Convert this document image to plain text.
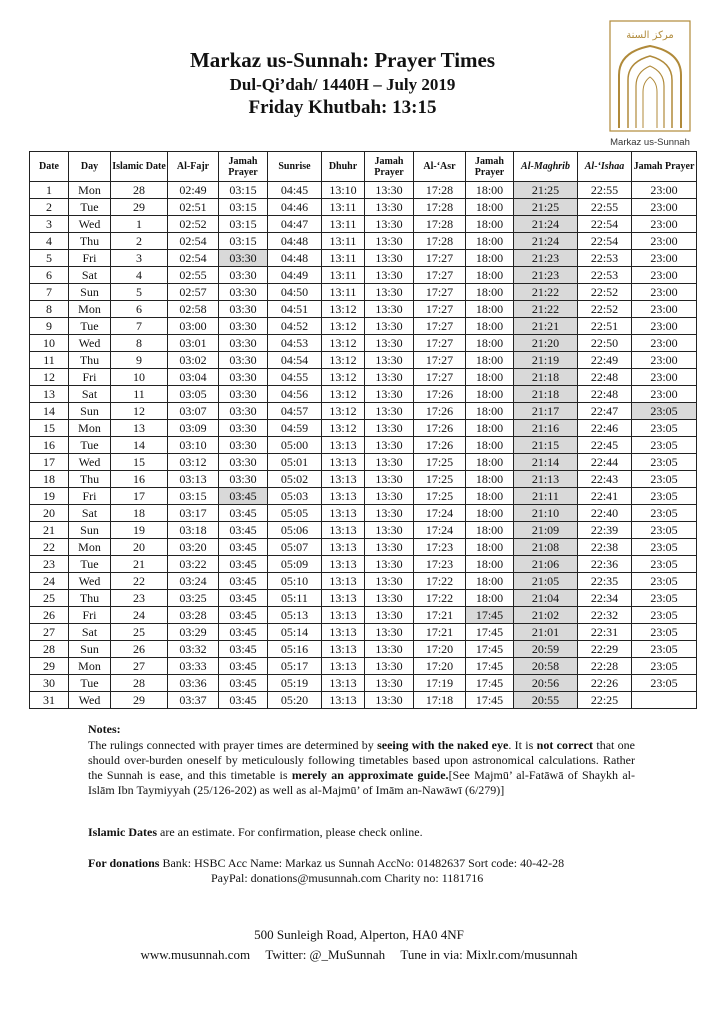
Markaz us-Sunnah: Prayer Times
Dul-Qi’dah/ 1440H – July 2019
Friday Khutbah: 13:15
مركز السنة
Markaz us-Sunnah
Date	Day	Islamic Date	Al-Fajr	Jamah Prayer	Sunrise	Dhuhr	Jamah Prayer	Al-‘Asr	Jamah Prayer	Al-Maghrib	Al-‘Ishaa	Jamah Prayer
1	Mon	28	02:49	03:15	04:45	13:10	13:30	17:28	18:00	21:25	22:55	23:00
2	Tue	29	02:51	03:15	04:46	13:11	13:30	17:28	18:00	21:25	22:55	23:00
3	Wed	1	02:52	03:15	04:47	13:11	13:30	17:28	18:00	21:24	22:54	23:00
4	Thu	2	02:54	03:15	04:48	13:11	13:30	17:28	18:00	21:24	22:54	23:00
5	Fri	3	02:54	03:30	04:48	13:11	13:30	17:27	18:00	21:23	22:53	23:00
6	Sat	4	02:55	03:30	04:49	13:11	13:30	17:27	18:00	21:23	22:53	23:00
7	Sun	5	02:57	03:30	04:50	13:11	13:30	17:27	18:00	21:22	22:52	23:00
8	Mon	6	02:58	03:30	04:51	13:12	13:30	17:27	18:00	21:22	22:52	23:00
9	Tue	7	03:00	03:30	04:52	13:12	13:30	17:27	18:00	21:21	22:51	23:00
10	Wed	8	03:01	03:30	04:53	13:12	13:30	17:27	18:00	21:20	22:50	23:00
11	Thu	9	03:02	03:30	04:54	13:12	13:30	17:27	18:00	21:19	22:49	23:00
12	Fri	10	03:04	03:30	04:55	13:12	13:30	17:27	18:00	21:18	22:48	23:00
13	Sat	11	03:05	03:30	04:56	13:12	13:30	17:26	18:00	21:18	22:48	23:00
14	Sun	12	03:07	03:30	04:57	13:12	13:30	17:26	18:00	21:17	22:47	23:05
15	Mon	13	03:09	03:30	04:59	13:12	13:30	17:26	18:00	21:16	22:46	23:05
16	Tue	14	03:10	03:30	05:00	13:13	13:30	17:26	18:00	21:15	22:45	23:05
17	Wed	15	03:12	03:30	05:01	13:13	13:30	17:25	18:00	21:14	22:44	23:05
18	Thu	16	03:13	03:30	05:02	13:13	13:30	17:25	18:00	21:13	22:43	23:05
19	Fri	17	03:15	03:45	05:03	13:13	13:30	17:25	18:00	21:11	22:41	23:05
20	Sat	18	03:17	03:45	05:05	13:13	13:30	17:24	18:00	21:10	22:40	23:05
21	Sun	19	03:18	03:45	05:06	13:13	13:30	17:24	18:00	21:09	22:39	23:05
22	Mon	20	03:20	03:45	05:07	13:13	13:30	17:23	18:00	21:08	22:38	23:05
23	Tue	21	03:22	03:45	05:09	13:13	13:30	17:23	18:00	21:06	22:36	23:05
24	Wed	22	03:24	03:45	05:10	13:13	13:30	17:22	18:00	21:05	22:35	23:05
25	Thu	23	03:25	03:45	05:11	13:13	13:30	17:22	18:00	21:04	22:34	23:05
26	Fri	24	03:28	03:45	05:13	13:13	13:30	17:21	17:45	21:02	22:32	23:05
27	Sat	25	03:29	03:45	05:14	13:13	13:30	17:21	17:45	21:01	22:31	23:05
28	Sun	26	03:32	03:45	05:16	13:13	13:30	17:20	17:45	20:59	22:29	23:05
29	Mon	27	03:33	03:45	05:17	13:13	13:30	17:20	17:45	20:58	22:28	23:05
30	Tue	28	03:36	03:45	05:19	13:13	13:30	17:19	17:45	20:56	22:26	23:05
31	Wed	29	03:37	03:45	05:20	13:13	13:30	17:18	17:45	20:55	22:25	
Notes:

The rulings connected with prayer times are determined by seeing with the naked eye. It is not correct that one should over-burden oneself by meticulously following timetables based upon astronomical calculations. Rather the Sunnah is ease, and this timetable is merely an approximate guide.[See Majmū’ al-Fatāwā of Shaykh al-Islām Ibn Taymiyyah (25/126-202) as well as al-Majmū’ of Imām an-Nawāwī (6/279)]

Islamic Dates are an estimate. For confirmation, please check online.
For donations Bank: HSBC Acc Name: Markaz us Sunnah AccNo: 01482637 Sort code: 40-42-28
PayPal: donations@musunnah.com Charity no: 1181716
500 Sunleigh Road, Alperton, HA0 4NF
www.musunnah.com Twitter: @_MuSunnah Tune in via: Mixlr.com/musunnah
